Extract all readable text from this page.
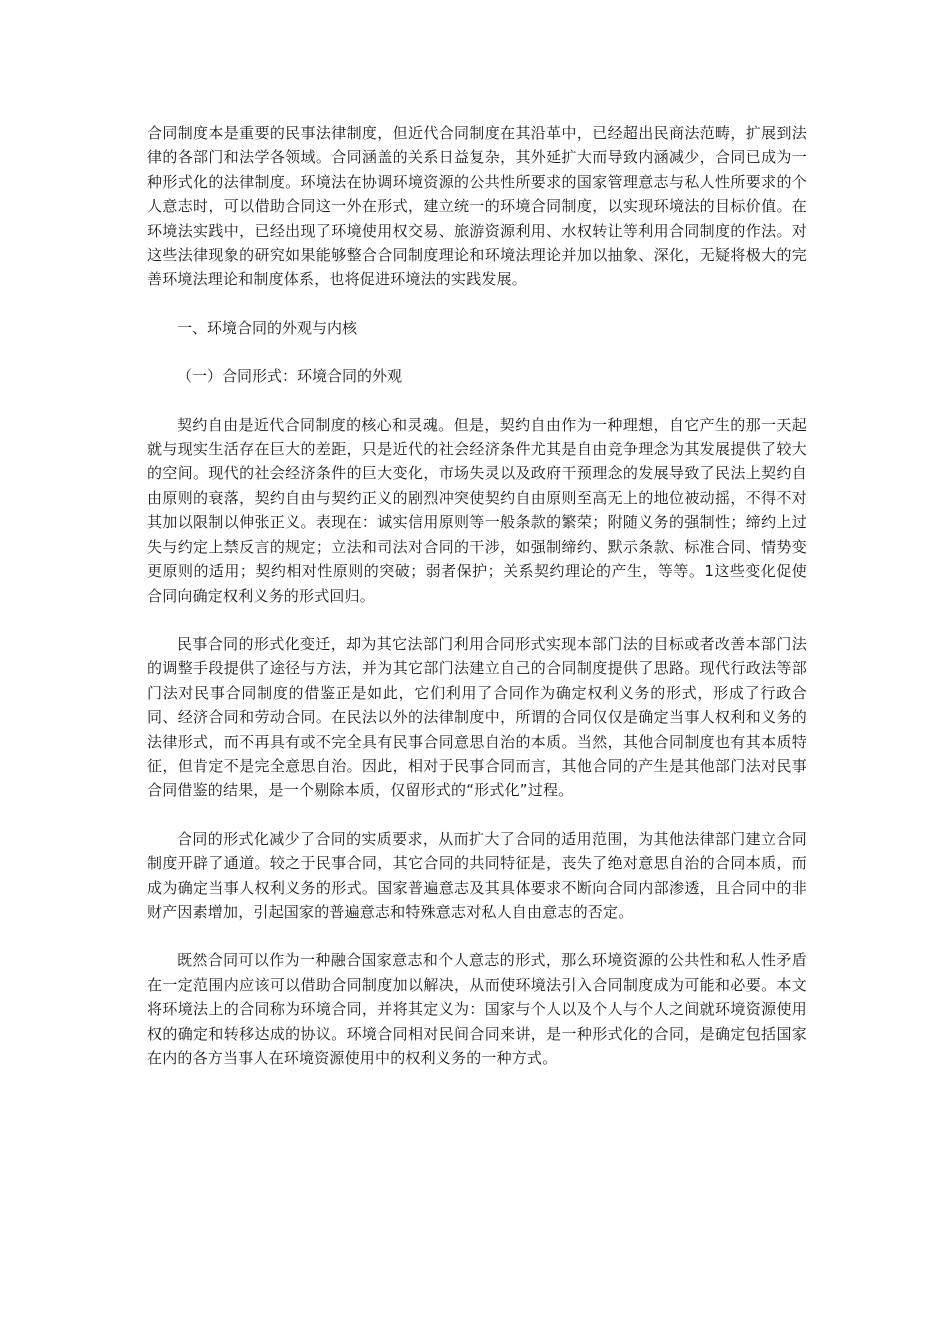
合同制度本是重要的民事法律制度，但近代合同制度在其沿革中，已经超出民商法范畴，扩展到法律的各部门和法学各领域。合同涵盖的关系日益复杂，其外延扩大而导致内涵减少，合同已成为一种形式化的法律制度。环境法在协调环境资源的公共性所要求的国家管理意志与私人性所要求的个人意志时，可以借助合同这一外在形式，建立统一的环境合同制度，以实现环境法的目标价值。在环境法实践中，已经出现了环境使用权交易、旅游资源利用、水权转让等利用合同制度的作法。对这些法律现象的研究如果能够整合合同制度理论和环境法理论并加以抽象、深化，无疑将极大的完善环境法理论和制度体系，也将促进环境法的实践发展。

一、环境合同的外观与内核

（一）合同形式：环境合同的外观

契约自由是近代合同制度的核心和灵魂。但是，契约自由作为一种理想，自它产生的那一天起就与现实生活存在巨大的差距，只是近代的社会经济条件尤其是自由竞争理念为其发展提供了较大的空间。现代的社会经济条件的巨大变化，市场失灵以及政府干预理念的发展导致了民法上契约自由原则的衰落，契约自由与契约正义的剧烈冲突使契约自由原则至高无上的地位被动摇，不得不对其加以限制以伸张正义。表现在：诚实信用原则等一般条款的繁荣；附随义务的强制性；缔约上过失与约定上禁反言的规定；立法和司法对合同的干涉，如强制缔约、默示条款、标准合同、情势变更原则的适用；契约相对性原则的突破；弱者保护；关系契约理论的产生，等等。1这些变化促使合同向确定权利义务的形式回归。

民事合同的形式化变迁，却为其它法部门利用合同形式实现本部门法的目标或者改善本部门法的调整手段提供了途径与方法，并为其它部门法建立自己的合同制度提供了思路。现代行政法等部门法对民事合同制度的借鉴正是如此，它们利用了合同作为确定权利义务的形式，形成了行政合同、经济合同和劳动合同。在民法以外的法律制度中，所谓的合同仅仅是确定当事人权利和义务的法律形式，而不再具有或不完全具有民事合同意思自治的本质。当然，其他合同制度也有其本质特征，但肯定不是完全意思自治。因此，相对于民事合同而言，其他合同的产生是其他部门法对民事合同借鉴的结果，是一个剔除本质，仅留形式的“形式化”过程。

合同的形式化减少了合同的实质要求，从而扩大了合同的适用范围，为其他法律部门建立合同制度开辟了通道。较之于民事合同，其它合同的共同特征是，丧失了绝对意思自治的合同本质，而成为确定当事人权利义务的形式。国家普遍意志及其具体要求不断向合同内部渗透，且合同中的非财产因素增加，引起国家的普遍意志和特殊意志对私人自由意志的否定。

既然合同可以作为一种融合国家意志和个人意志的形式，那么环境资源的公共性和私人性矛盾在一定范围内应该可以借助合同制度加以解决，从而使环境法引入合同制度成为可能和必要。本文将环境法上的合同称为环境合同，并将其定义为：国家与个人以及个人与个人之间就环境资源使用权的确定和转移达成的协议。环境合同相对民间合同来讲，是一种形式化的合同，是确定包括国家在内的各方当事人在环境资源使用中的权利义务的一种方式。
